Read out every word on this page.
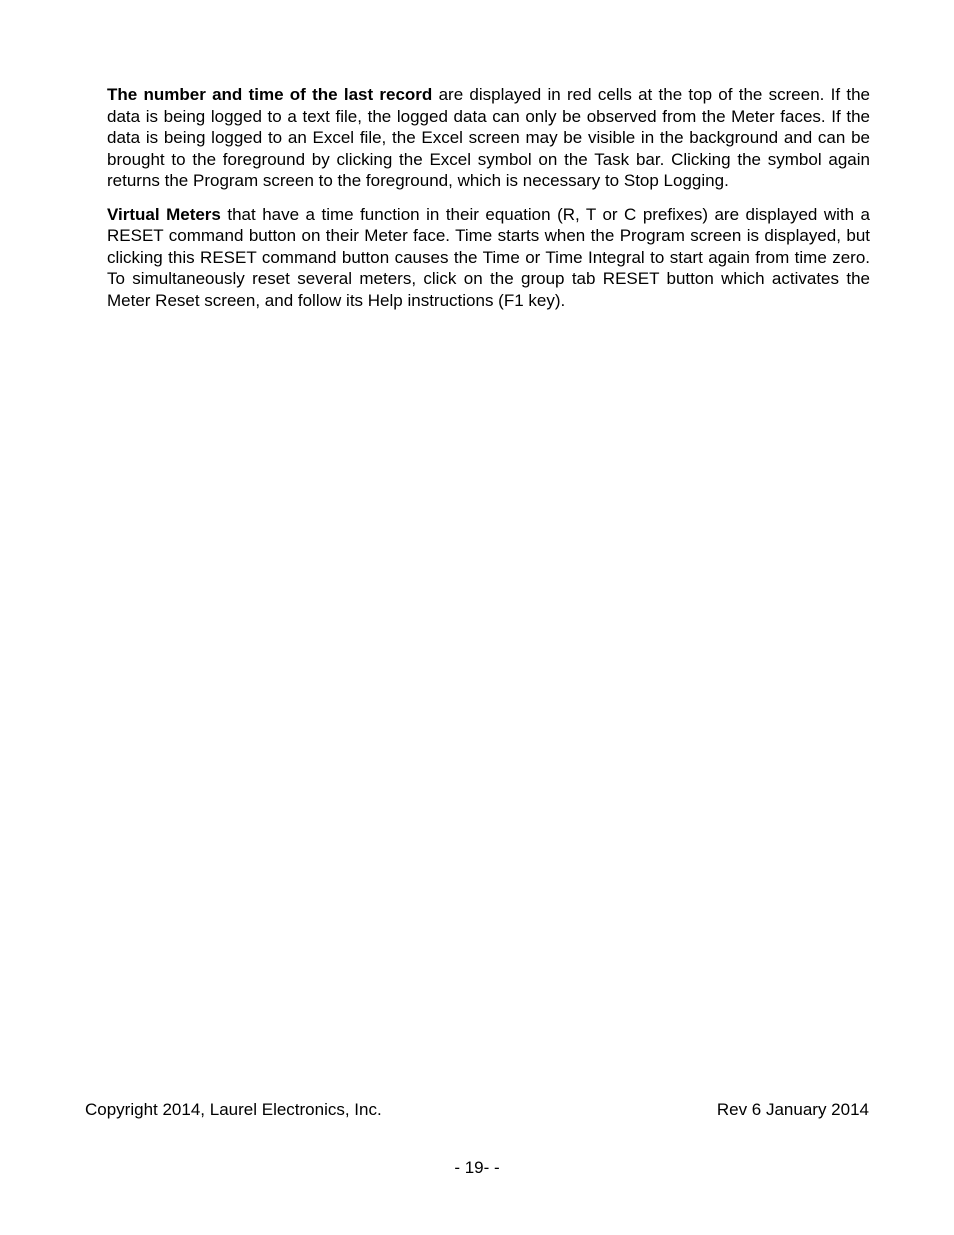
The number and time of the last record are displayed in red cells at the top of the screen. If the data is being logged to a text file, the logged data can only be observed from the Meter faces. If the data is being logged to an Excel file, the Excel screen may be visible in the background and can be brought to the foreground by clicking the Excel symbol on the Task bar. Clicking the symbol again returns the Program screen to the foreground, which is necessary to Stop Logging.

Virtual Meters that have a time function in their equation (R, T or C prefixes) are displayed with a RESET command button on their Meter face. Time starts when the Program screen is displayed, but clicking this RESET command button causes the Time or Time Integral to start again from time zero. To simultaneously reset several meters, click on the group tab RESET button which activates the Meter Reset screen, and follow its Help instructions (F1 key).

Copyright 2014, Laurel Electronics, Inc.	Rev 6 January 2014
- 19- -
